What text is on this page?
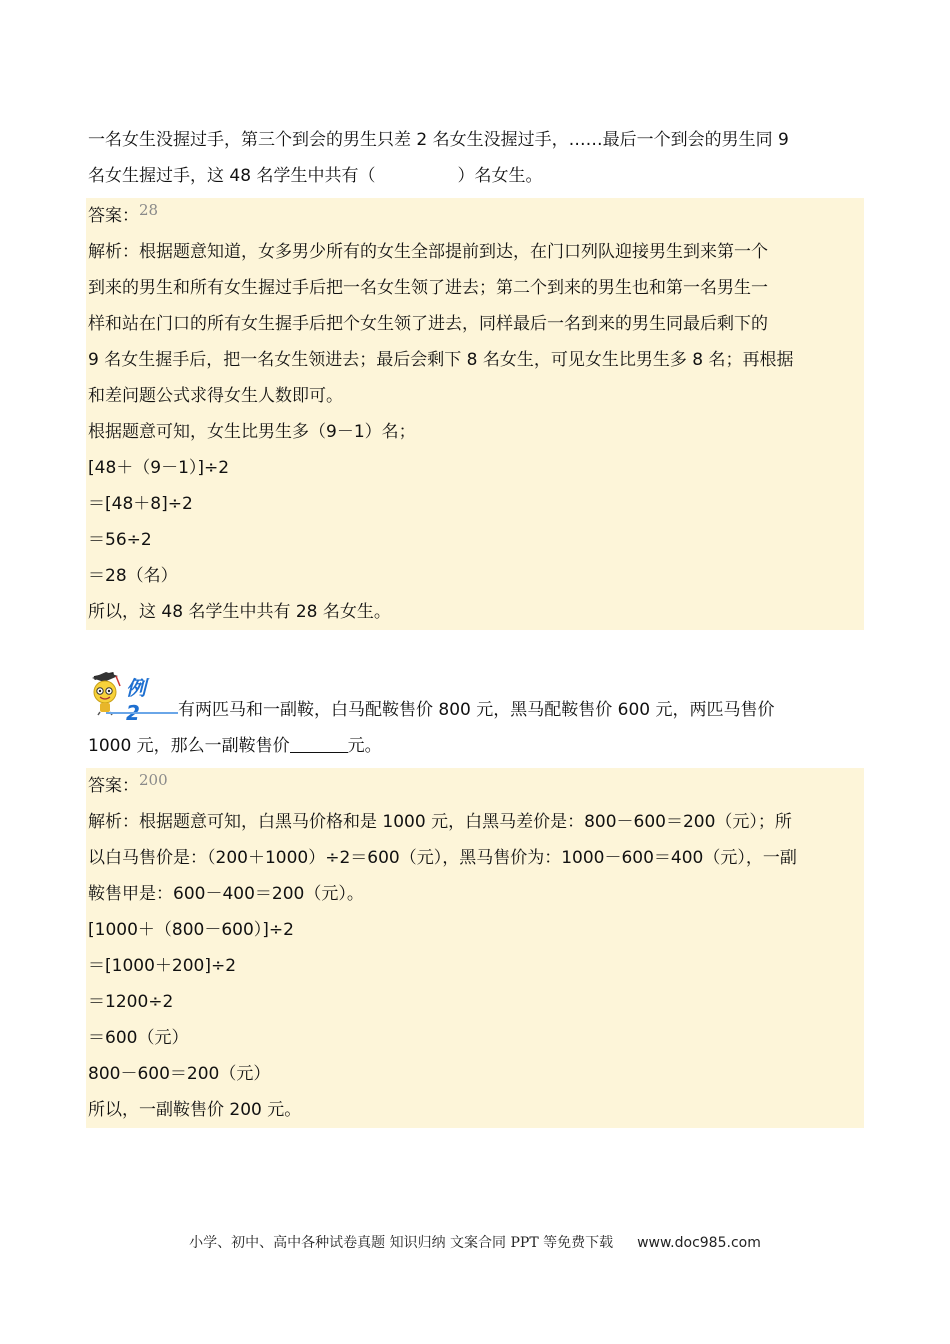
一名女生没握过手，第三个到会的男生只差 2 名女生没握过手，……最后一个到会的男生同 9
名女生握过手，这 48 名学生中共有（	）名女生。
答案：28
解析：根据题意知道，女多男少所有的女生全部提前到达，在门口列队迎接男生到来第一个
到来的男生和所有女生握过手后把一名女生领了进去；第二个到来的男生也和第一名男生一
样和站在门口的所有女生握手后把个女生领了进去，同样最后一名到来的男生同最后剩下的
9 名女生握手后，把一名女生领进去；最后会剩下 8 名女生，可见女生比男生多 8 名；再根据
和差问题公式求得女生人数即可。
根据题意可知，女生比男生多（9－1）名；
[48＋（9－1）]÷2
＝[48＋8]÷2
＝56÷2
＝28（名）
所以，这 48 名学生中共有 28 名女生。
例
有两匹马和一副鞍，白马配鞍售价 800 元，黑马配鞍售价 600 元，两匹马售价
1000 元，那么一副鞍售价	元。
答案：200
解析：根据题意可知，白黑马价格和是 1000 元，白黑马差价是：800－600＝200（元）；所
以白马售价是：（200＋1000）÷2＝600（元），黑马售价为：1000－600＝400（元），一副
鞍售甲是：600－400＝200（元）。
[1000＋（800－600）]÷2
＝[1000＋200]÷2
＝1200÷2
＝600（元）
800－600＝200（元）
所以，一副鞍售价 200 元。
小学、初中、高中各种试卷真题 知识归纳 文案合同 PPT 等免费下载 www.doc985.com
